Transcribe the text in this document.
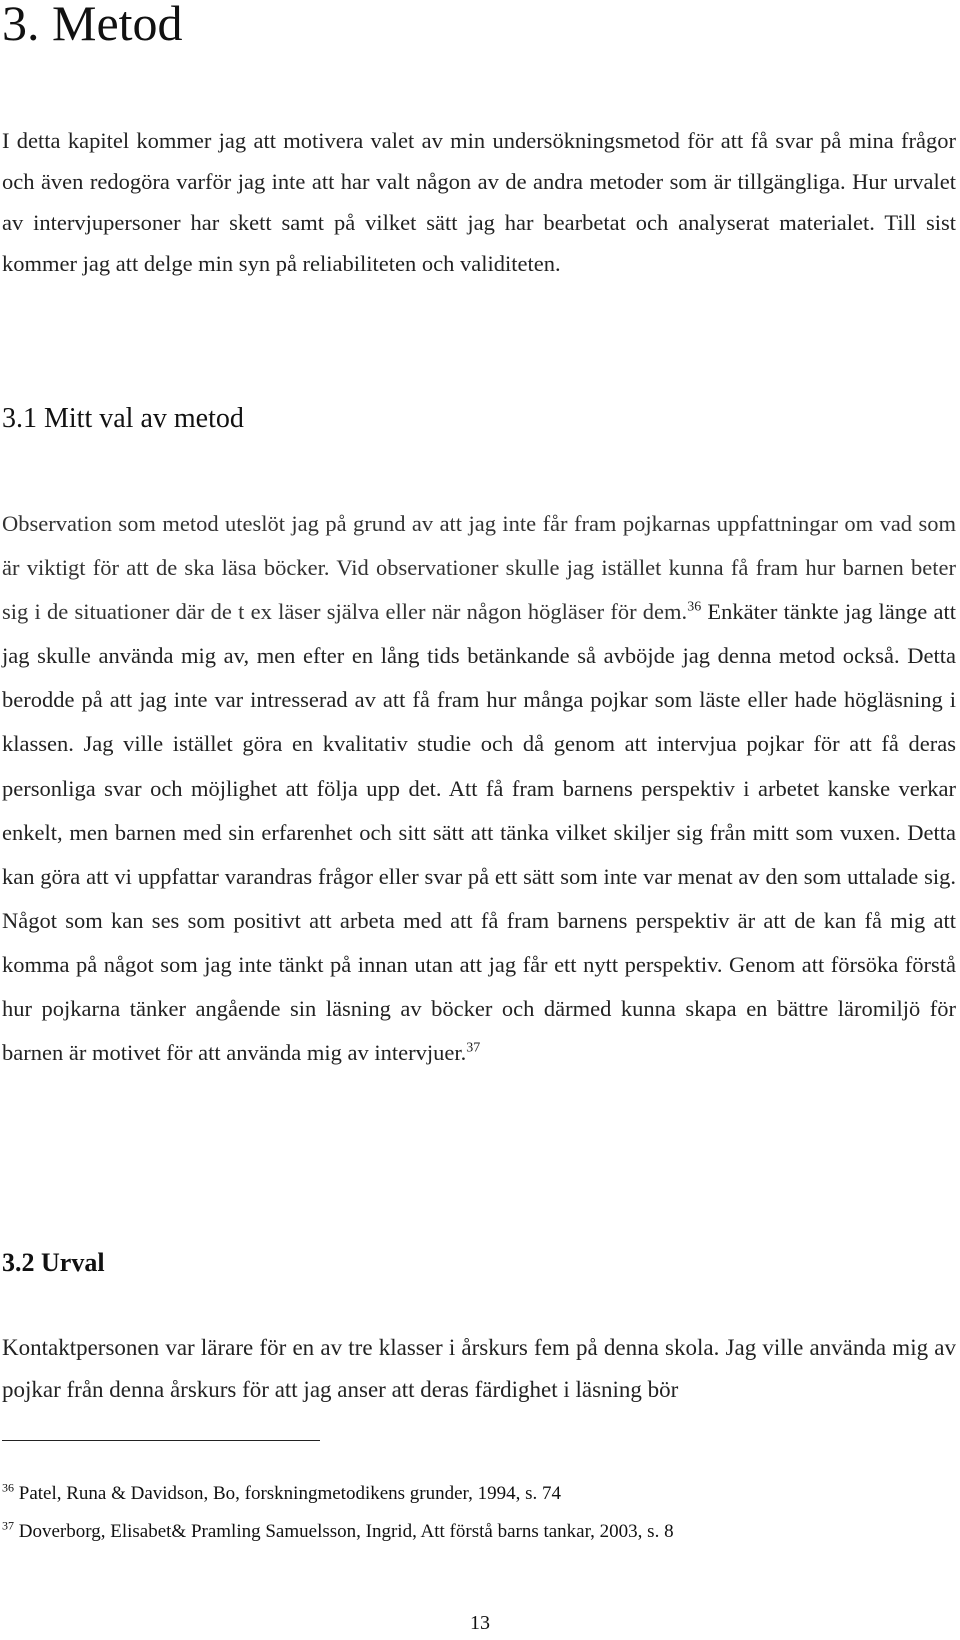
3. Metod

I detta kapitel kommer jag att motivera valet av min undersökningsmetod för att få svar på mina frågor och även redogöra varför jag inte att har valt någon av de andra metoder som är tillgängliga. Hur urvalet av intervjupersoner har skett samt på vilket sätt jag har bearbetat och analyserat materialet. Till sist kommer jag att delge min syn på reliabiliteten och validiteten.

3.1 Mitt val av metod

Observation som metod uteslöt jag på grund av att jag inte får fram pojkarnas uppfattningar om vad som är viktigt för att de ska läsa böcker. Vid observationer skulle jag istället kunna få fram hur barnen beter sig i de situationer där de t ex läser själva eller när någon högläser för dem.$^{36}$ Enkäter tänkte jag länge att jag skulle använda mig av, men efter en lång tids betänkande så avböjde jag denna metod också. Detta berodde på att jag inte var intresserad av att få fram hur många pojkar som läste eller hade högläsning i klassen. Jag ville istället göra en kvalitativ studie och då genom att intervjua pojkar för att få deras personliga svar och möjlighet att följa upp det. Att få fram barnens perspektiv i arbetet kanske verkar enkelt, men barnen med sin erfarenhet och sitt sätt att tänka vilket skiljer sig från mitt som vuxen. Detta kan göra att vi uppfattar varandras frågor eller svar på ett sätt som inte var menat av den som uttalade sig. Något som kan ses som positivt att arbeta med att få fram barnens perspektiv är att de kan få mig att komma på något som jag inte tänkt på innan utan att jag får ett nytt perspektiv. Genom att försöka förstå hur pojkarna tänker angående sin läsning av böcker och därmed kunna skapa en bättre läromiljö för barnen är motivet för att använda mig av intervjuer.$^{37}$

3.2 Urval

Kontaktpersonen var lärare för en av tre klasser i årskurs fem på denna skola. Jag ville använda mig av pojkar från denna årskurs för att jag anser att deras färdighet i läsning bör

$^{36}$ Patel, Runa & Davidson, Bo, forskningmetodikens grunder, 1994, s. 74

$^{37}$ Doverborg, Elisabet& Pramling Samuelsson, Ingrid, Att förstå barns tankar, 2003, s. 8

13
